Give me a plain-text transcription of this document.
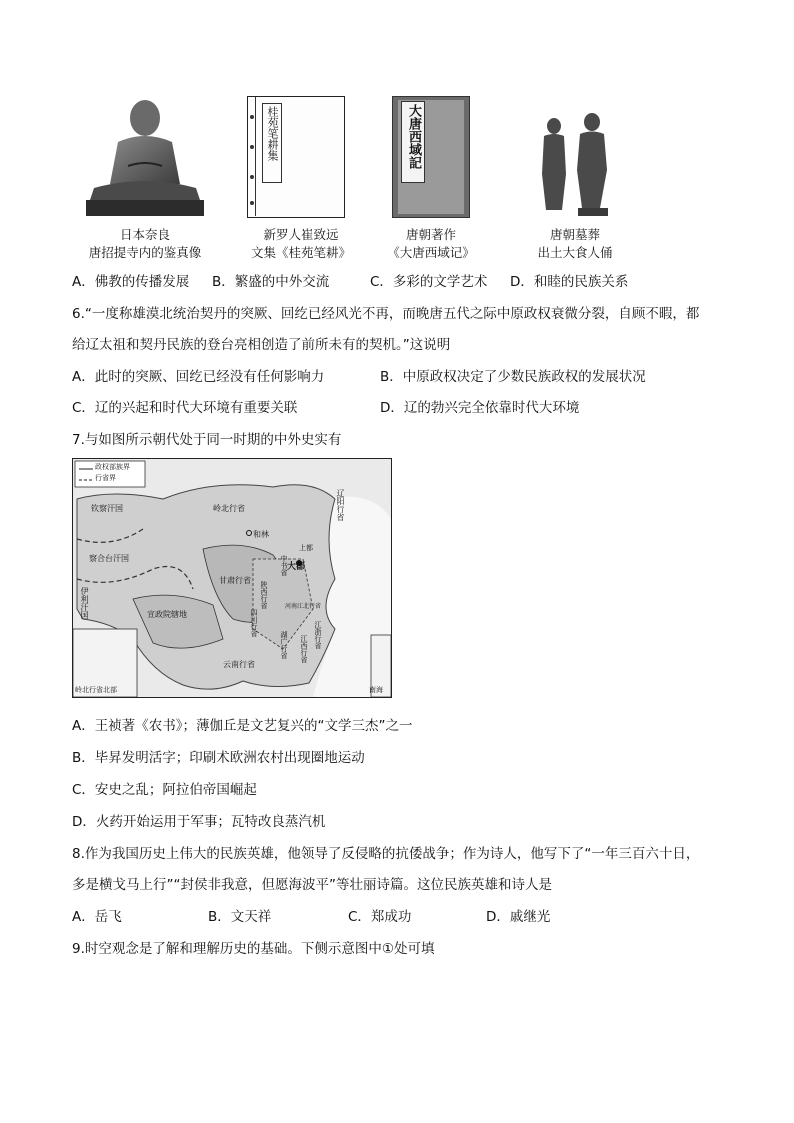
日本奈良
唐招提寺内的鉴真像
桂苑笔耕集
新罗人崔致远
文集《桂苑笔耕》
大唐西域記
唐朝著作
《大唐西域记》
唐朝墓葬
出土大食人俑
A．佛教的传播发展 B．繁盛的中外交流	C．多彩的文学艺术 D．和睦的民族关系
6.“一度称雄漠北统治契丹的突厥、回纥已经风光不再，而晚唐五代之际中原政权衰微分裂，自顾不暇，都
给辽太祖和契丹民族的登台亮相创造了前所未有的契机。”这说明
A．此时的突厥、回纥已经没有任何影响力	B．中原政权决定了少数民族政权的发展状况
C．辽的兴起和时代大环境有重要关联	D．辽的勃兴完全依靠时代大环境
7.与如图所示朝代处于同一时期的中外史实有
政权部族界
行省界
钦察汗国
察合台汗国
伊利汗国
岭北行省
和林
辽阳行省
上都
中书省 大都
甘肃行省
陕西行省	河南江北行省
四川行省	江浙行省
湖广行省 江西行省
云南行省
宣政院辖地
岭北行省北部	南海
A．王祯著《农书》；薄伽丘是文艺复兴的“文学三杰”之一
B．毕昇发明活字；印刷术欧洲农村出现圈地运动
C．安史之乱；阿拉伯帝国崛起
D．火药开始运用于军事；瓦特改良蒸汽机
8.作为我国历史上伟大的民族英雄，他领导了反侵略的抗倭战争；作为诗人，他写下了“一年三百六十日，
多是横戈马上行”“封侯非我意，但愿海波平”等壮丽诗篇。这位民族英雄和诗人是
A．岳飞	B．文天祥	C．郑成功	D．戚继光
9.时空观念是了解和理解历史的基础。下侧示意图中①处可填
